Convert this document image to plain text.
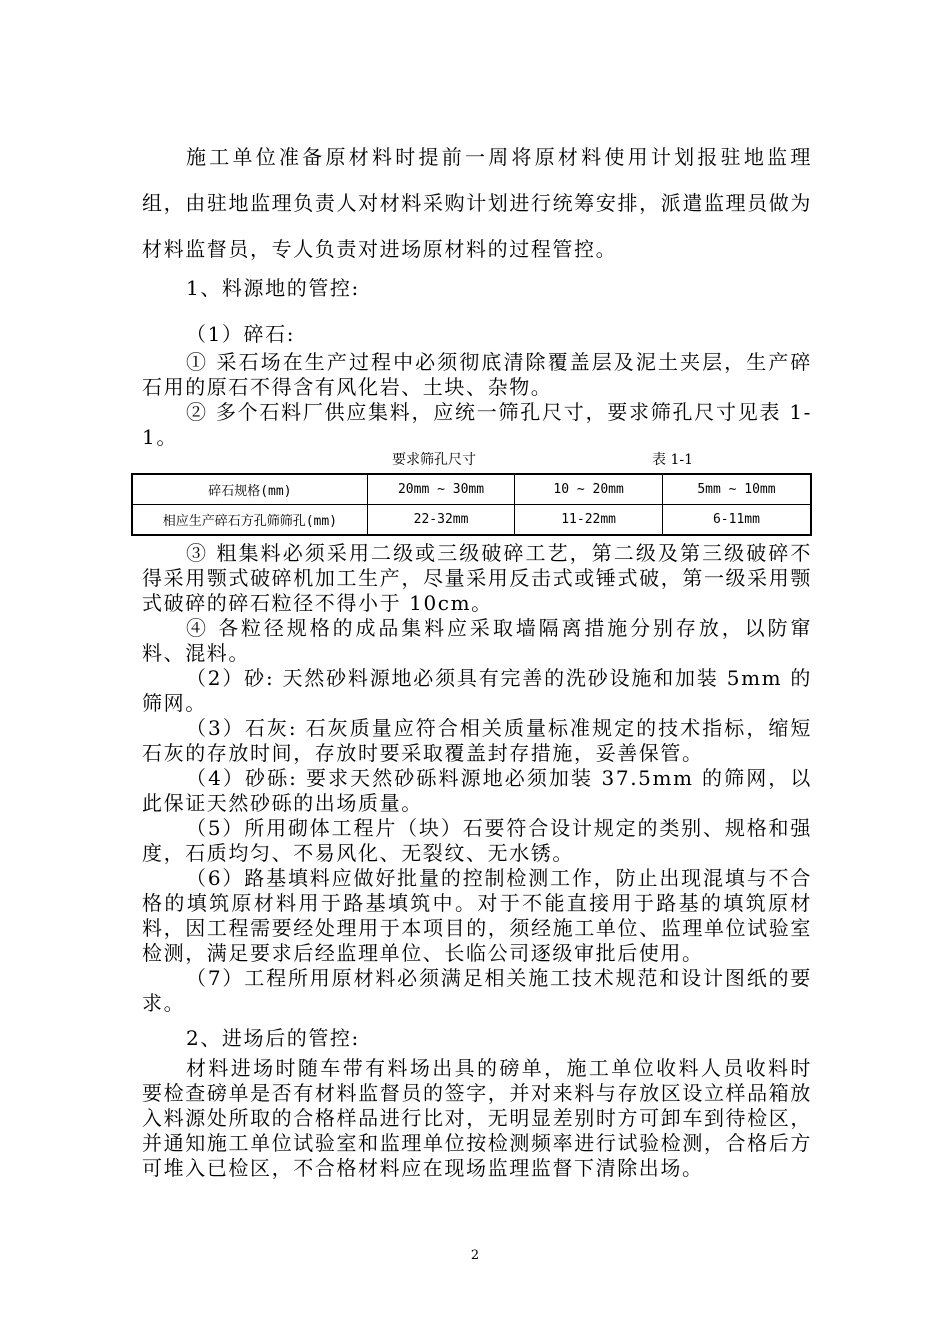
施工单位准备原材料时提前一周将原材料使用计划报驻地监理组，由驻地监理负责人对材料采购计划进行统筹安排，派遣监理员做为材料监督员，专人负责对进场原材料的过程管控。

1、料源地的管控:

（1）碎石:

① 采石场在生产过程中必须彻底清除覆盖层及泥土夹层，生产碎石用的原石不得含有风化岩、土块、杂物。

② 多个石料厂供应集料，应统一筛孔尺寸，要求筛孔尺寸见表 1-1。

要求筛孔尺寸	表 1-1

碎石规格(mm)	20mm ~ 30mm	10 ~ 20mm	5mm ~ 10mm
相应生产碎石方孔筛筛孔(mm)	22-32mm	11-22mm	6-11mm

③ 粗集料必须采用二级或三级破碎工艺，第二级及第三级破碎不得采用颚式破碎机加工生产，尽量采用反击式或锤式破，第一级采用颚式破碎的碎石粒径不得小于 10cm。

④ 各粒径规格的成品集料应采取墙隔离措施分别存放，以防窜料、混料。

（2）砂: 天然砂料源地必须具有完善的洗砂设施和加装 5mm 的筛网。

（3）石灰: 石灰质量应符合相关质量标准规定的技术指标，缩短石灰的存放时间，存放时要采取覆盖封存措施，妥善保管。

（4）砂砾: 要求天然砂砾料源地必须加装 37.5mm 的筛网，以此保证天然砂砾的出场质量。

（5）所用砌体工程片（块）石要符合设计规定的类别、规格和强度，石质均匀、不易风化、无裂纹、无水锈。

（6）路基填料应做好批量的控制检测工作，防止出现混填与不合格的填筑原材料用于路基填筑中。对于不能直接用于路基的填筑原材料，因工程需要经处理用于本项目的，须经施工单位、监理单位试验室检测，满足要求后经监理单位、长临公司逐级审批后使用。

（7）工程所用原材料必须满足相关施工技术规范和设计图纸的要求。

2、进场后的管控:

材料进场时随车带有料场出具的磅单，施工单位收料人员收料时要检查磅单是否有材料监督员的签字，并对来料与存放区设立样品箱放入料源处所取的合格样品进行比对，无明显差别时方可卸车到待检区，并通知施工单位试验室和监理单位按检测频率进行试验检测，合格后方可堆入已检区，不合格材料应在现场监理监督下清除出场。

2
